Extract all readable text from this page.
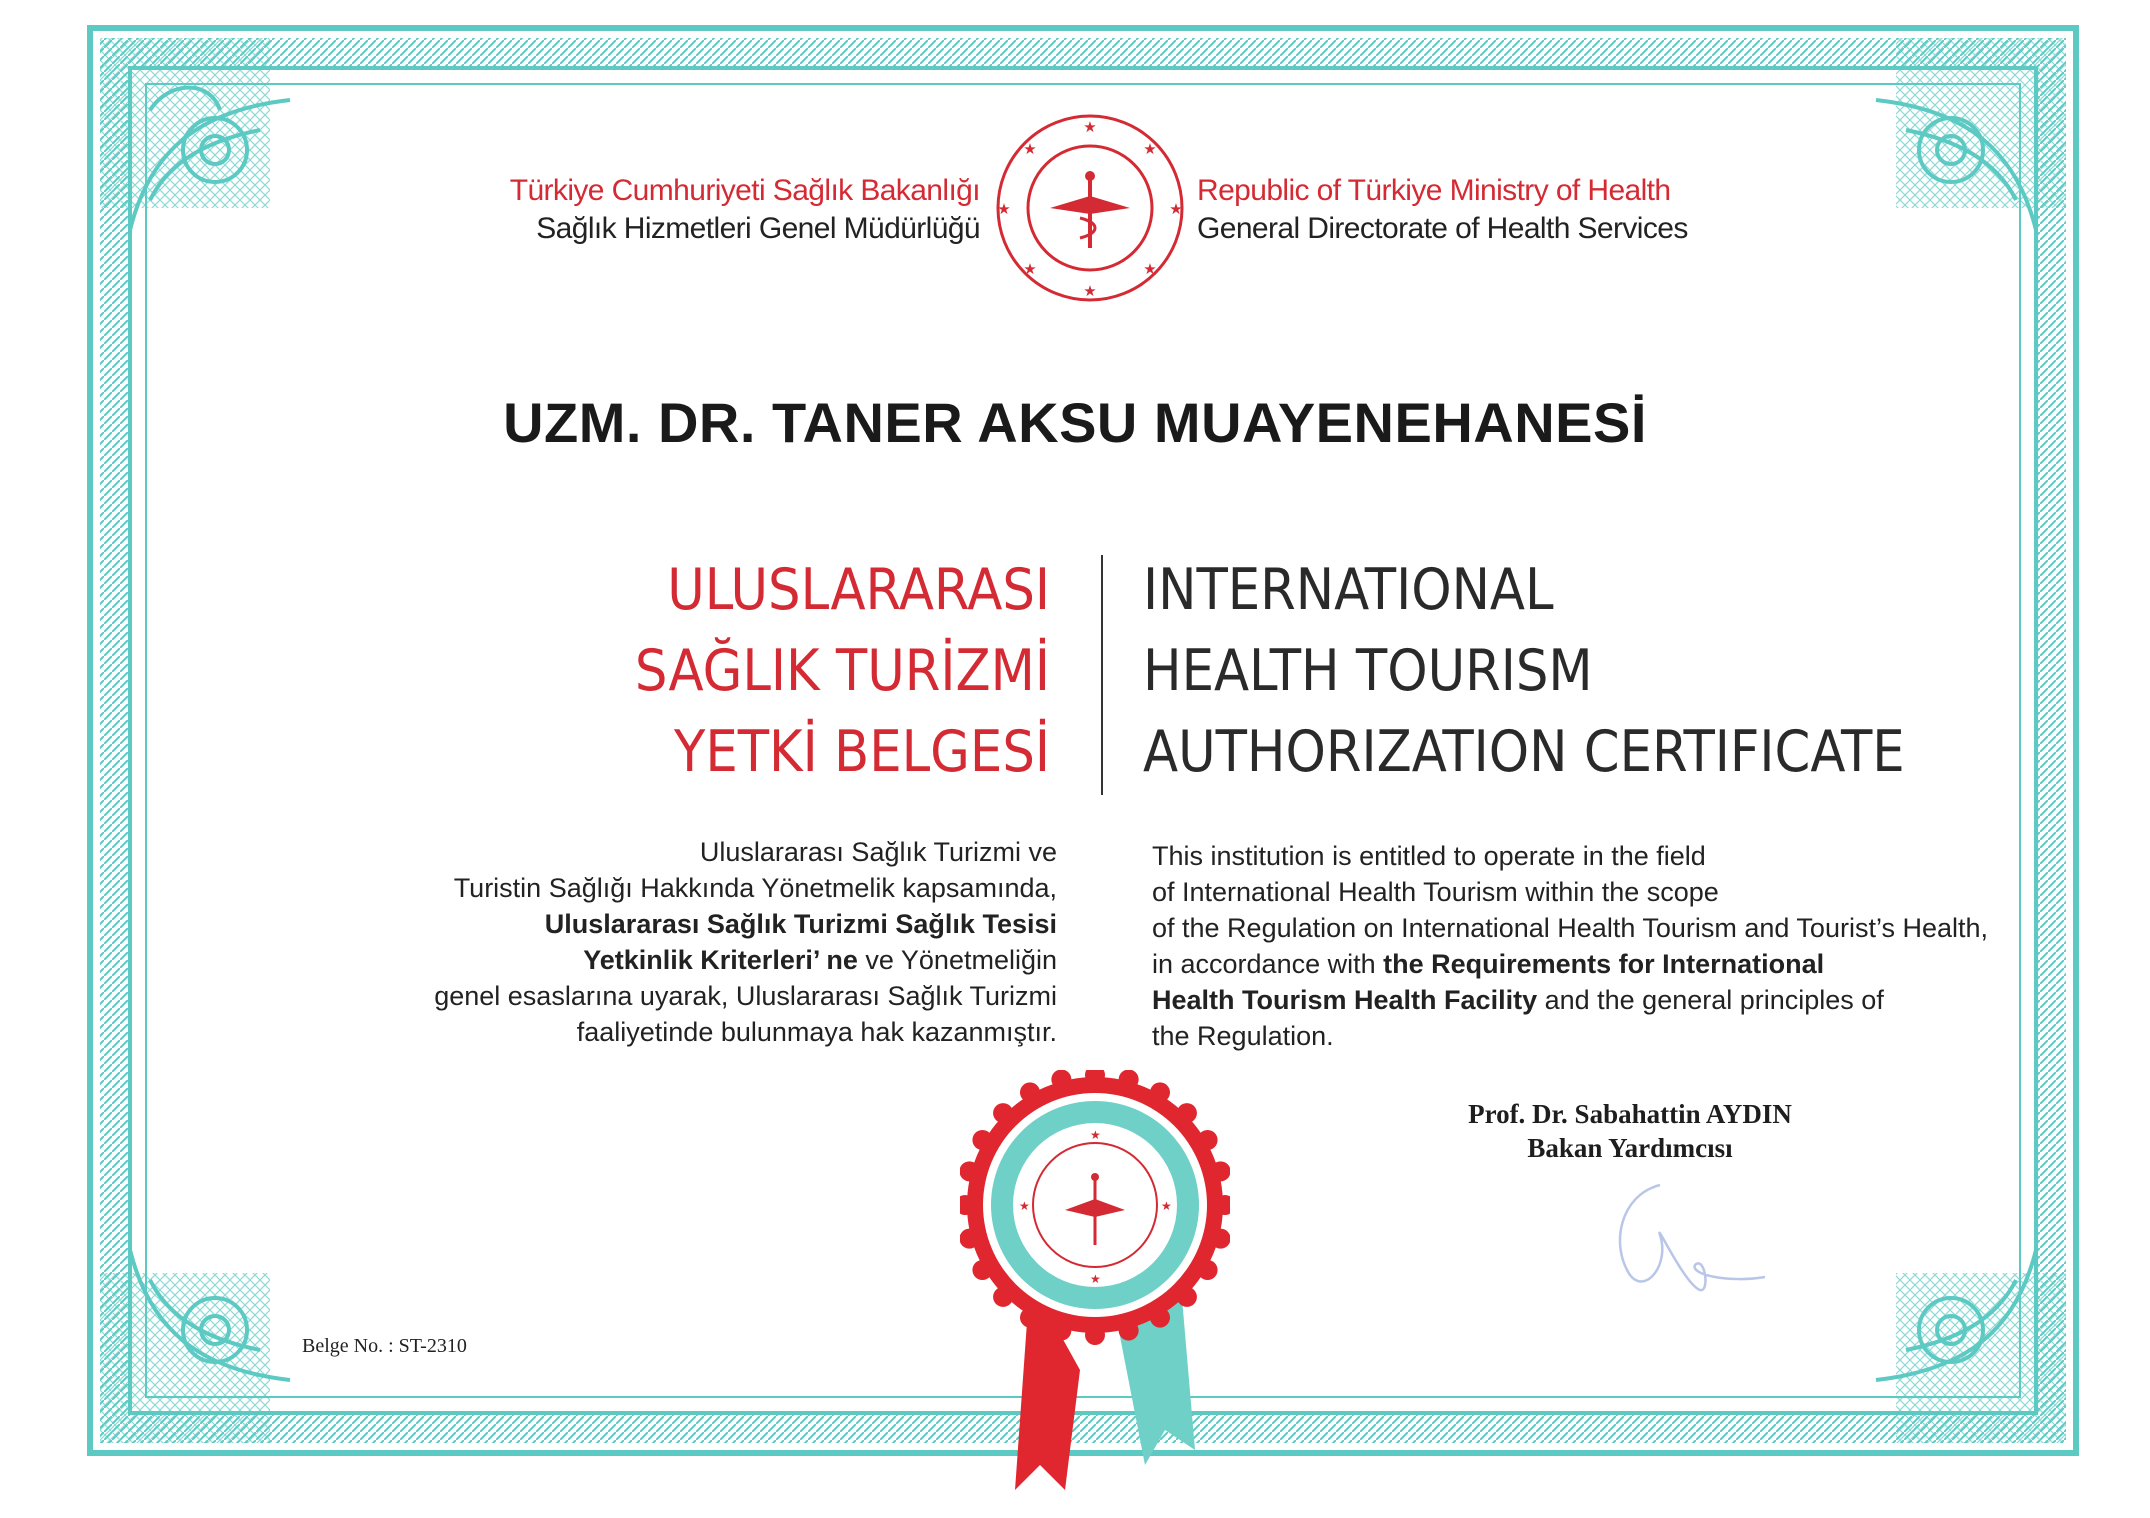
Türkiye Cumhuriyeti Sağlık Bakanlığı
Sağlık Hizmetleri Genel Müdürlüğü
★
★
★	★
★	★
★	★
Republic of Türkiye Ministry of Health
General Directorate of Health Services
UZM. DR. TANER AKSU MUAYENEHANESİ
ULUSLARARASI
SAĞLIK TURİZMİ
YETKİ BELGESİ
INTERNATIONAL
HEALTH TOURISM
AUTHORIZATION CERTIFICATE
Uluslararası Sağlık Turizmi ve
Turistin Sağlığı Hakkında Yönetmelik kapsamında,
Uluslararası Sağlık Turizmi Sağlık Tesisi
Yetkinlik Kriterleri’ ne ve Yönetmeliğin
genel esaslarına uyarak, Uluslararası Sağlık Turizmi
faaliyetinde bulunmaya hak kazanmıştır.
This institution is entitled to operate in the field
of International Health Tourism within the scope
of the Regulation on International Health Tourism and Tourist’s Health,
in accordance with the Requirements for International
Health Tourism Health Facility and the general principles of
the Regulation.
Prof. Dr. Sabahattin AYDIN
Bakan Yardımcısı
★
★
★	★
Belge No. : ST-2310
